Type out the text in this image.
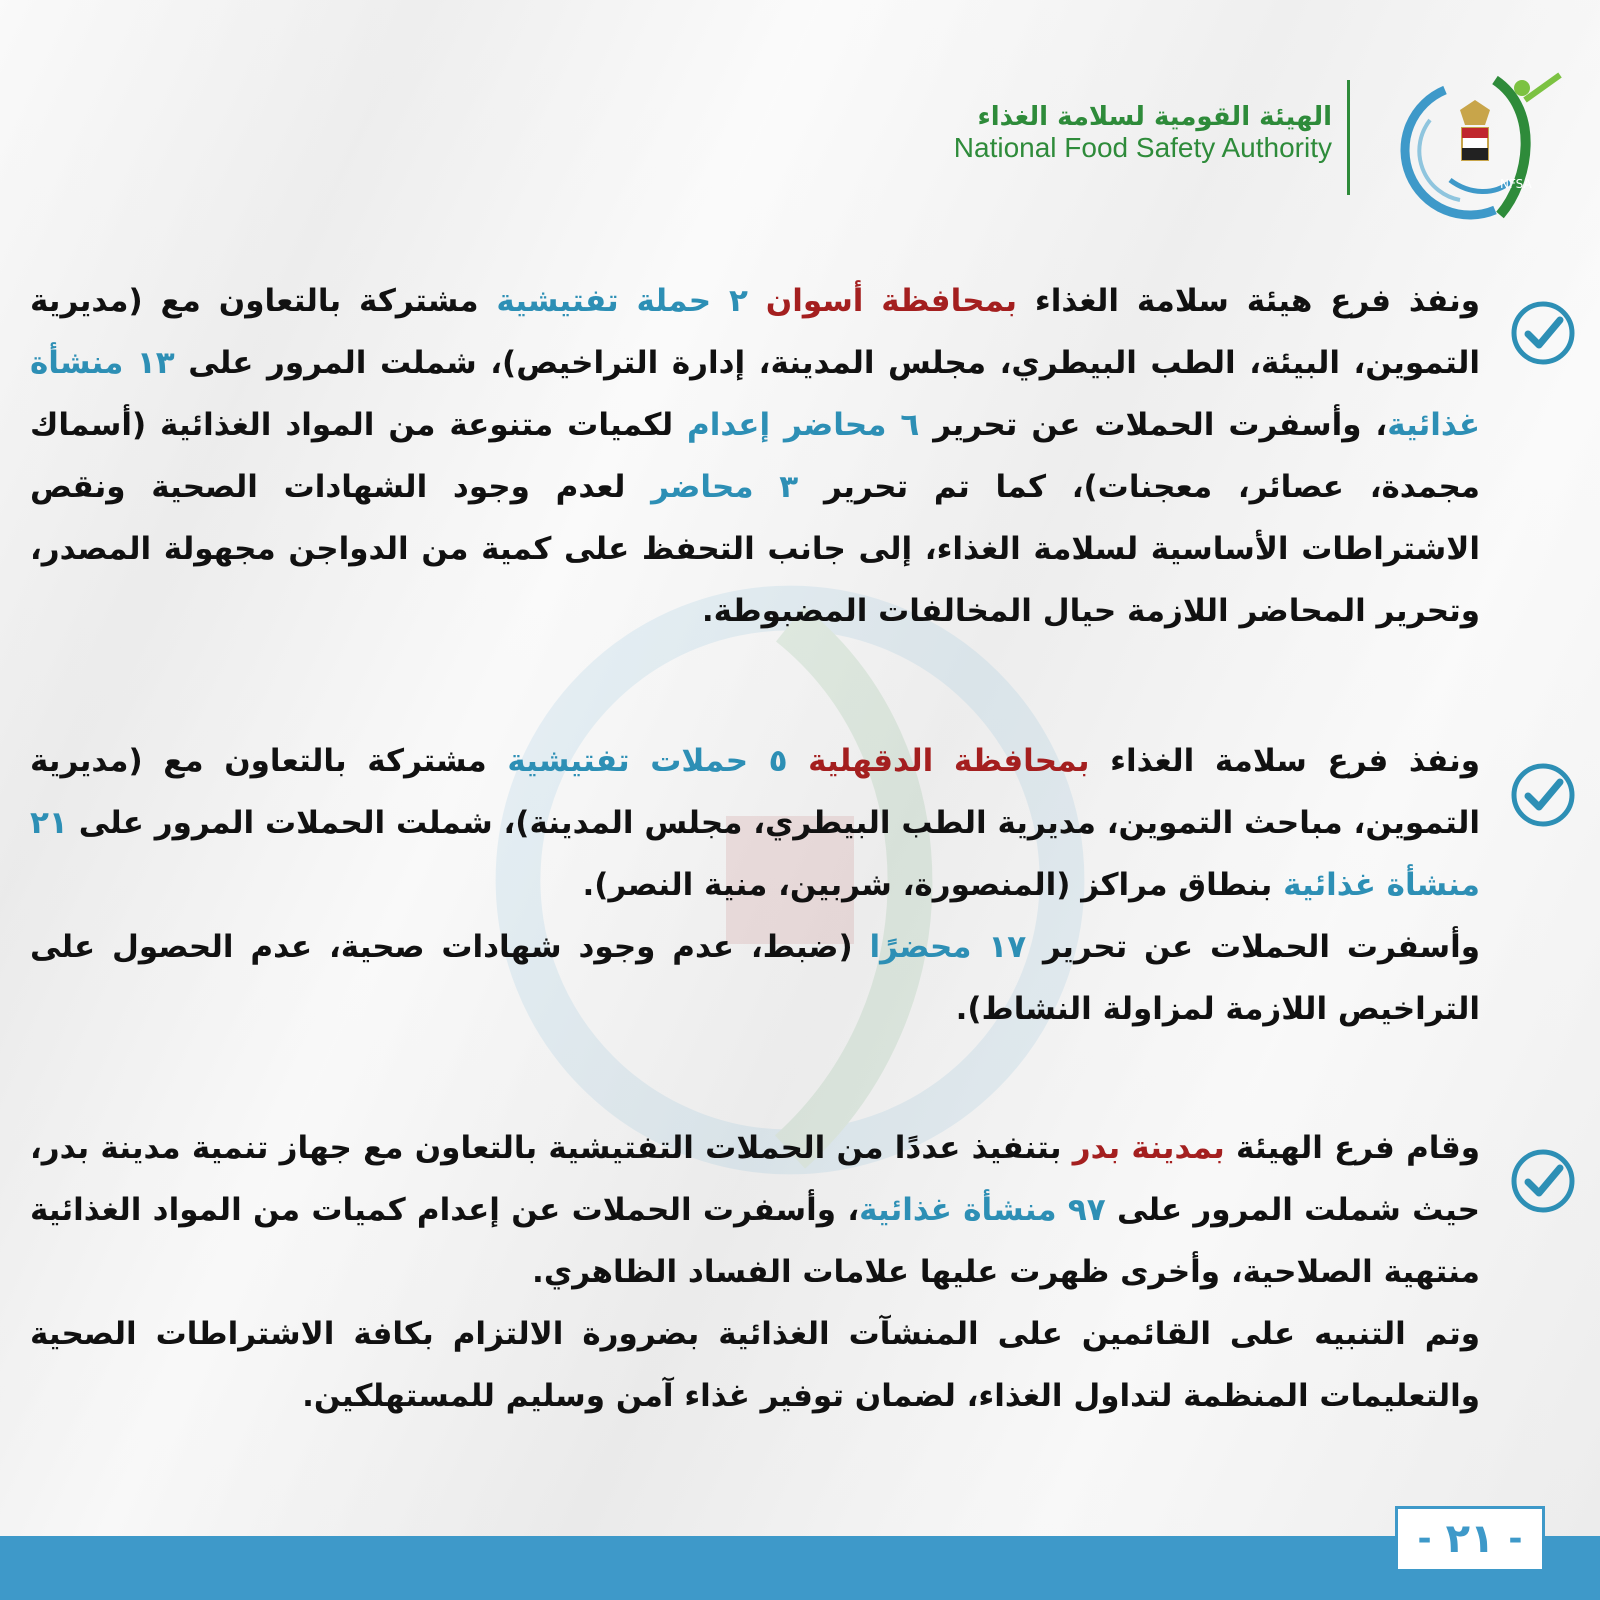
NFSA
الهيئة القومية لسلامة الغذاء
National Food Safety Authority

ونفذ فرع هيئة سلامة الغذاء بمحافظة أسوان ٢ حملة تفتيشية مشتركة بالتعاون مع (مديرية التموين، البيئة، الطب البيطري، مجلس المدينة، إدارة التراخيص)، شملت المرور على ١٣ منشأة غذائية، وأسفرت الحملات عن تحرير ٦ محاضر إعدام لكميات متنوعة من المواد الغذائية (أسماك مجمدة، عصائر، معجنات)، كما تم تحرير ٣ محاضر لعدم وجود الشهادات الصحية ونقص الاشتراطات الأساسية لسلامة الغذاء، إلى جانب التحفظ على كمية من الدواجن مجهولة المصدر، وتحرير المحاضر اللازمة حيال المخالفات المضبوطة.

ونفذ فرع سلامة الغذاء بمحافظة الدقهلية ٥ حملات تفتيشية مشتركة بالتعاون مع (مديرية التموين، مباحث التموين، مديرية الطب البيطري، مجلس المدينة)، شملت الحملات المرور على ٢١ منشأة غذائية بنطاق مراكز (المنصورة، شربين، منية النصر).

وأسفرت الحملات عن تحرير ١٧ محضرًا (ضبط، عدم وجود شهادات صحية، عدم الحصول على التراخيص اللازمة لمزاولة النشاط).

وقام فرع الهيئة بمدينة بدر بتنفيذ عددًا من الحملات التفتيشية بالتعاون مع جهاز تنمية مدينة بدر، حيث شملت المرور على ٩٧ منشأة غذائية، وأسفرت الحملات عن إعدام كميات من المواد الغذائية منتهية الصلاحية، وأخرى ظهرت عليها علامات الفساد الظاهري.

وتم التنبيه على القائمين على المنشآت الغذائية بضرورة الالتزام بكافة الاشتراطات الصحية والتعليمات المنظمة لتداول الغذاء، لضمان توفير غذاء آمن وسليم للمستهلكين.

- ٢١ -
